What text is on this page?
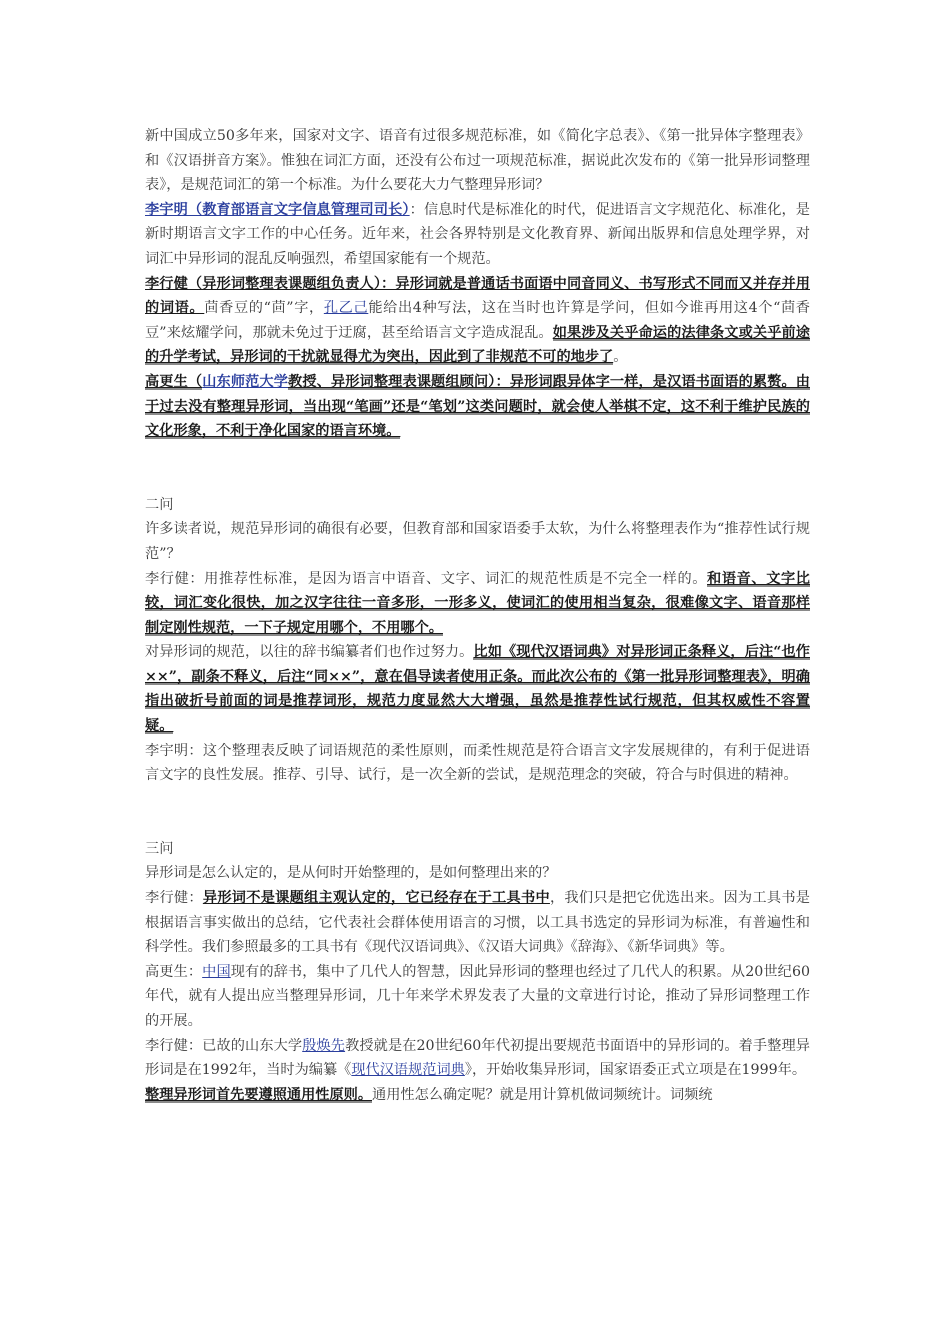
新中国成立50多年来，国家对文字、语音有过很多规范标准，如《简化字总表》、《第一批异体字整理表》和《汉语拼音方案》。惟独在词汇方面，还没有公布过一项规范标准，据说此次发布的《第一批异形词整理表》，是规范词汇的第一个标准。为什么要花大力气整理异形词？

李宇明（教育部语言文字信息管理司司长）：信息时代是标准化的时代，促进语言文字规范化、标准化，是新时期语言文字工作的中心任务。近年来，社会各界特别是文化教育界、新闻出版界和信息处理学界，对词汇中异形词的混乱反响强烈，希望国家能有一个规范。

李行健（异形词整理表课题组负责人）：异形词就是普通话书面语中同音同义、书写形式不同而又并存并用的词语。茴香豆的“茴”字，孔乙己能给出4种写法，这在当时也许算是学问，但如今谁再用这4个“茴香豆”来炫耀学问，那就未免过于迂腐，甚至给语言文字造成混乱。如果涉及关乎命运的法律条文或关乎前途的升学考试，异形词的干扰就显得尤为突出，因此到了非规范不可的地步了。

高更生（山东师范大学教授、异形词整理表课题组顾问）：异形词跟异体字一样，是汉语书面语的累赘。由于过去没有整理异形词，当出现“笔画”还是“笔划”这类问题时，就会使人举棋不定，这不利于维护民族的文化形象，不利于净化国家的语言环境。

二问

许多读者说，规范异形词的确很有必要，但教育部和国家语委手太软，为什么将整理表作为“推荐性试行规范”？

李行健：用推荐性标准，是因为语言中语音、文字、词汇的规范性质是不完全一样的。和语音、文字比较，词汇变化很快，加之汉字往往一音多形，一形多义，使词汇的使用相当复杂，很难像文字、语音那样制定刚性规范，一下子规定用哪个，不用哪个。

对异形词的规范，以往的辞书编纂者们也作过努力。比如《现代汉语词典》对异形词正条释义，后注“也作××”，副条不释义，后注“同××”，意在倡导读者使用正条。而此次公布的《第一批异形词整理表》，明确指出破折号前面的词是推荐词形，规范力度显然大大增强，虽然是推荐性试行规范，但其权威性不容置疑。

李宇明：这个整理表反映了词语规范的柔性原则，而柔性规范是符合语言文字发展规律的，有利于促进语言文字的良性发展。推荐、引导、试行，是一次全新的尝试，是规范理念的突破，符合与时俱进的精神。

三问

异形词是怎么认定的，是从何时开始整理的，是如何整理出来的？

李行健：异形词不是课题组主观认定的，它已经存在于工具书中，我们只是把它优选出来。因为工具书是根据语言事实做出的总结，它代表社会群体使用语言的习惯，以工具书选定的异形词为标准，有普遍性和科学性。我们参照最多的工具书有《现代汉语词典》、《汉语大词典》《辞海》、《新华词典》等。

高更生：中国现有的辞书，集中了几代人的智慧，因此异形词的整理也经过了几代人的积累。从20世纪60年代，就有人提出应当整理异形词，几十年来学术界发表了大量的文章进行讨论，推动了异形词整理工作的开展。

李行健：已故的山东大学殷焕先教授就是在20世纪60年代初提出要规范书面语中的异形词的。着手整理异形词是在1992年，当时为编纂《现代汉语规范词典》，开始收集异形词，国家语委正式立项是在1999年。

整理异形词首先要遵照通用性原则。通用性怎么确定呢？就是用计算机做词频统计。词频统
